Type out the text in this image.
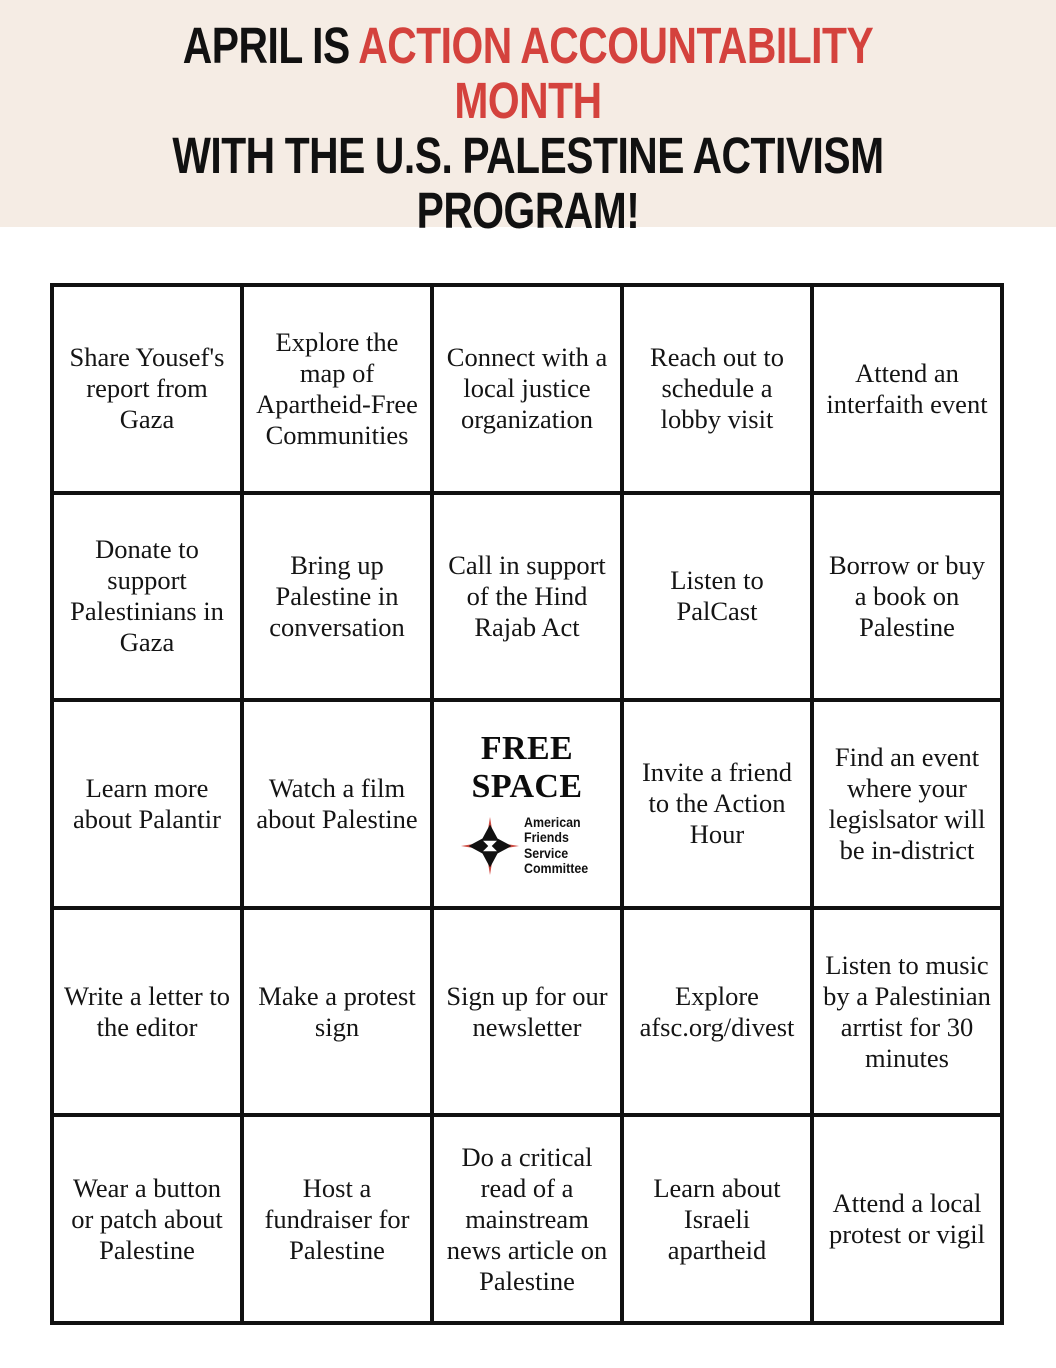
APRIL IS ACTION ACCOUNTABILITY MONTH
WITH THE U.S. PALESTINE ACTIVISM
PROGRAM!
Share Yousef's report from Gaza
Explore the map of Apartheid-Free Communities
Connect with a local justice organization
Reach out to schedule a lobby visit
Attend an interfaith event
Donate to support Palestinians in Gaza
Bring up Palestine in conversation
Call in support of the Hind Rajab Act
Listen to PalCast
Borrow or buy a book on Palestine
Learn more about Palantir
Watch a film about Palestine
FREE SPACE
American
Friends
Service
Committee
Invite a friend to the Action Hour
Find an event where your legislsator will be in-district
Write a letter to the editor
Make a protest sign
Sign up for our newsletter
Explore afsc.org/divest
Listen to music by a Palestinian arrtist for 30 minutes
Wear a button or patch about Palestine
Host a fundraiser for Palestine
Do a critical read of a mainstream news article on Palestine
Learn about Israeli apartheid
Attend a local protest or vigil
